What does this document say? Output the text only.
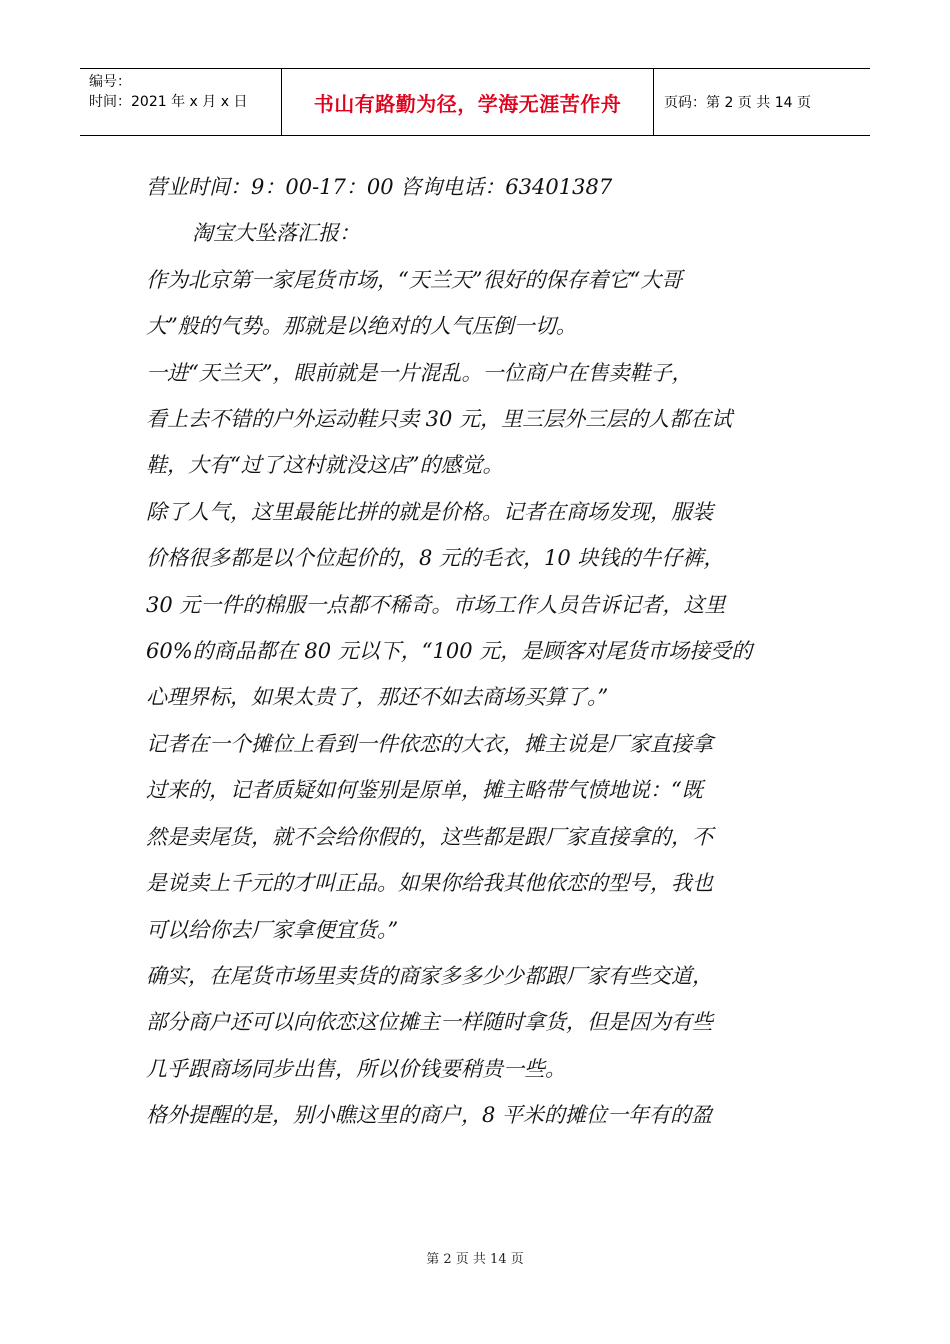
编号：
时间：2021 年 x 月 x 日	书山有路勤为径，学海无涯苦作舟	页码：第 2 页 共 14 页

营业时间：9：00-17：00 咨询电话：63401387

淘宝大坠落汇报：

作为北京第一家尾货市场，“天兰天”很好的保存着它“大哥

大”般的气势。那就是以绝对的人气压倒一切。

一进“天兰天”，眼前就是一片混乱。一位商户在售卖鞋子，

看上去不错的户外运动鞋只卖 30 元，里三层外三层的人都在试

鞋，大有“过了这村就没这店”的感觉。

除了人气，这里最能比拼的就是价格。记者在商场发现，服装

价格很多都是以个位起价的，8 元的毛衣，10 块钱的牛仔裤，

30 元一件的棉服一点都不稀奇。市场工作人员告诉记者，这里

60%的商品都在 80 元以下，“100 元，是顾客对尾货市场接受的

心理界标，如果太贵了，那还不如去商场买算了。”

记者在一个摊位上看到一件依恋的大衣，摊主说是厂家直接拿

过来的，记者质疑如何鉴别是原单，摊主略带气愤地说：“既

然是卖尾货，就不会给你假的，这些都是跟厂家直接拿的，不

是说卖上千元的才叫正品。如果你给我其他依恋的型号，我也

可以给你去厂家拿便宜货。”

确实，在尾货市场里卖货的商家多多少少都跟厂家有些交道，

部分商户还可以向依恋这位摊主一样随时拿货，但是因为有些

几乎跟商场同步出售，所以价钱要稍贵一些。

格外提醒的是，别小瞧这里的商户，8 平米的摊位一年有的盈

第 2 页 共 14 页
